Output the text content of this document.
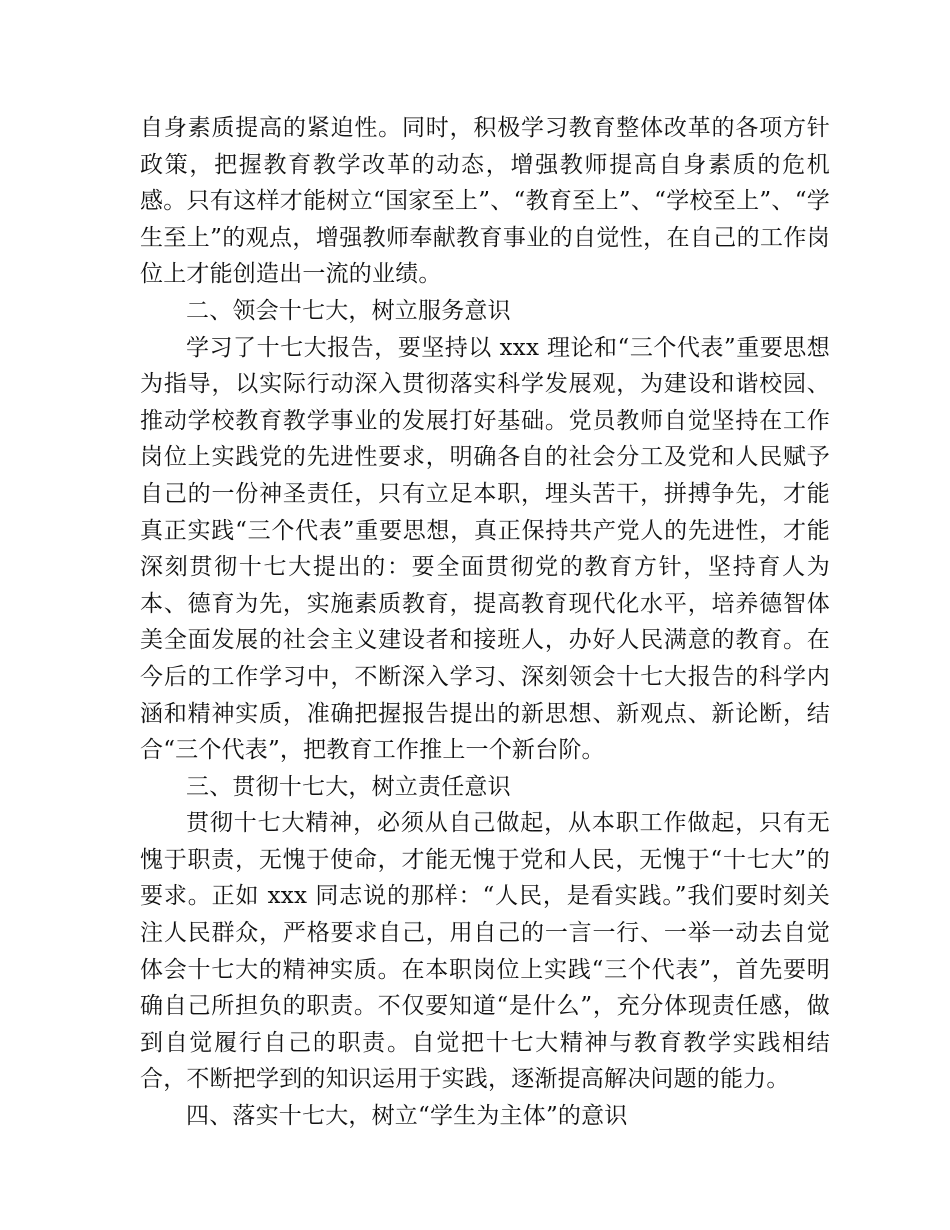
自身素质提高的紧迫性。同时，积极学习教育整体改革的各项方针政策，把握教育教学改革的动态，增强教师提高自身素质的危机感。只有这样才能树立“国家至上”、“教育至上”、“学校至上”、“学生至上”的观点，增强教师奉献教育事业的自觉性，在自己的工作岗位上才能创造出一流的业绩。

二、领会十七大，树立服务意识

学习了十七大报告，要坚持以 xxx 理论和“三个代表”重要思想为指导，以实际行动深入贯彻落实科学发展观，为建设和谐校园、推动学校教育教学事业的发展打好基础。党员教师自觉坚持在工作岗位上实践党的先进性要求，明确各自的社会分工及党和人民赋予自己的一份神圣责任，只有立足本职，埋头苦干，拼搏争先，才能真正实践“三个代表”重要思想，真正保持共产党人的先进性，才能深刻贯彻十七大提出的：要全面贯彻党的教育方针，坚持育人为本、德育为先，实施素质教育，提高教育现代化水平，培养德智体美全面发展的社会主义建设者和接班人，办好人民满意的教育。在今后的工作学习中，不断深入学习、深刻领会十七大报告的科学内涵和精神实质，准确把握报告提出的新思想、新观点、新论断，结合“三个代表”，把教育工作推上一个新台阶。

三、贯彻十七大，树立责任意识

贯彻十七大精神，必须从自己做起，从本职工作做起，只有无愧于职责，无愧于使命，才能无愧于党和人民，无愧于“十七大”的要求。正如 xxx 同志说的那样：“人民，是看实践。”我们要时刻关注人民群众，严格要求自己，用自己的一言一行、一举一动去自觉体会十七大的精神实质。在本职岗位上实践“三个代表”，首先要明确自己所担负的职责。不仅要知道“是什么”，充分体现责任感，做到自觉履行自己的职责。自觉把十七大精神与教育教学实践相结合，不断把学到的知识运用于实践，逐渐提高解决问题的能力。

四、落实十七大，树立“学生为主体”的意识
